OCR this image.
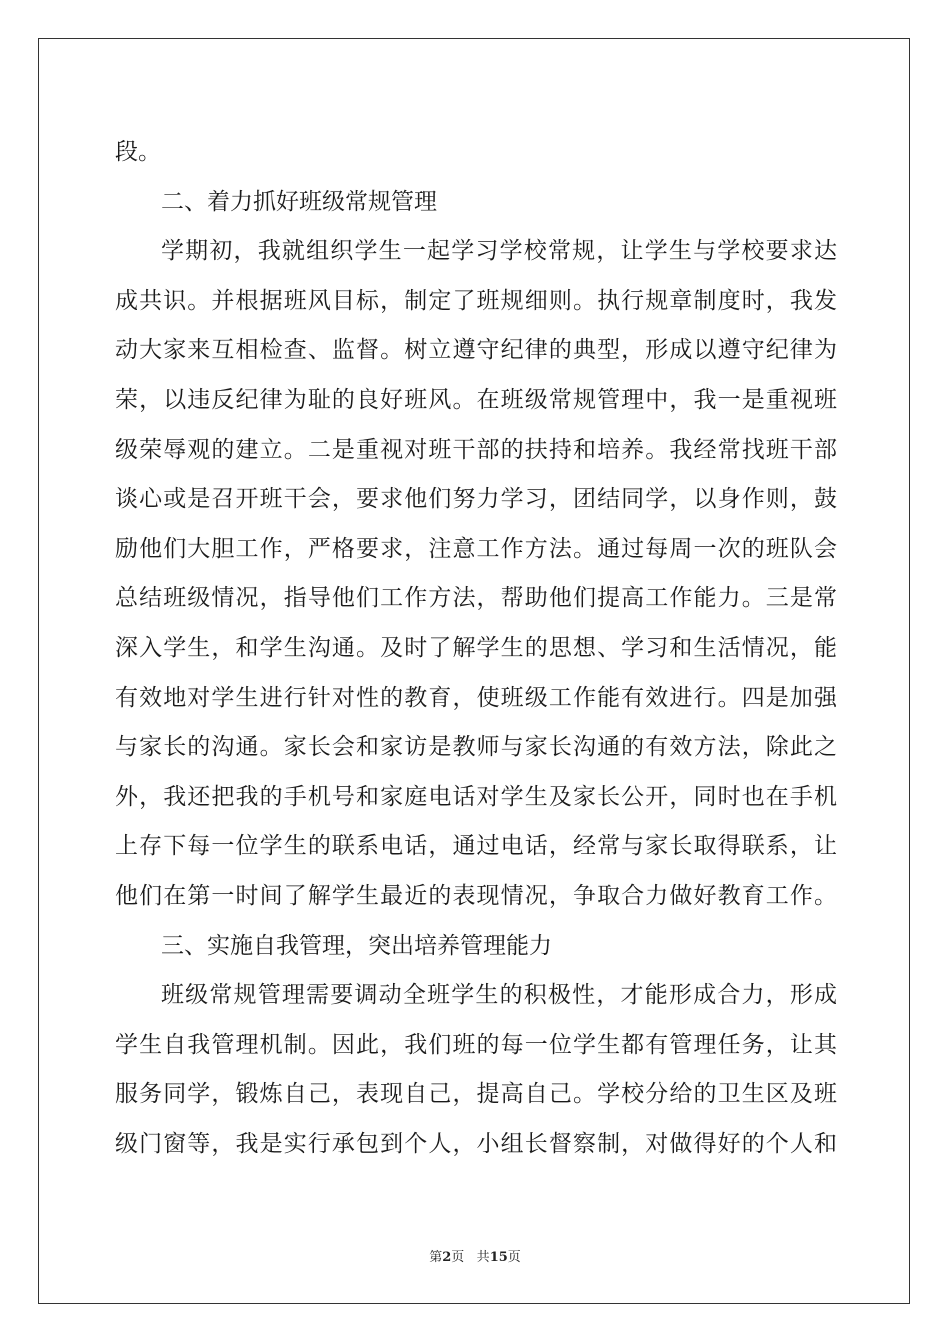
段。
二、着力抓好班级常规管理
学期初，我就组织学生一起学习学校常规，让学生与学校要求达
成共识。并根据班风目标，制定了班规细则。执行规章制度时，我发
动大家来互相检查、监督。树立遵守纪律的典型，形成以遵守纪律为
荣，以违反纪律为耻的良好班风。在班级常规管理中，我一是重视班
级荣辱观的建立。二是重视对班干部的扶持和培养。我经常找班干部
谈心或是召开班干会，要求他们努力学习，团结同学，以身作则，鼓
励他们大胆工作，严格要求，注意工作方法。通过每周一次的班队会
总结班级情况，指导他们工作方法，帮助他们提高工作能力。三是常
深入学生，和学生沟通。及时了解学生的思想、学习和生活情况，能
有效地对学生进行针对性的教育，使班级工作能有效进行。四是加强
与家长的沟通。家长会和家访是教师与家长沟通的有效方法，除此之
外，我还把我的手机号和家庭电话对学生及家长公开，同时也在手机
上存下每一位学生的联系电话，通过电话，经常与家长取得联系，让
他们在第一时间了解学生最近的表现情况，争取合力做好教育工作。
三、实施自我管理，突出培养管理能力
班级常规管理需要调动全班学生的积极性，才能形成合力，形成
学生自我管理机制。因此，我们班的每一位学生都有管理任务，让其
服务同学，锻炼自己，表现自己，提高自己。学校分给的卫生区及班
级门窗等，我是实行承包到个人，小组长督察制，对做得好的个人和
第2页 共15页
